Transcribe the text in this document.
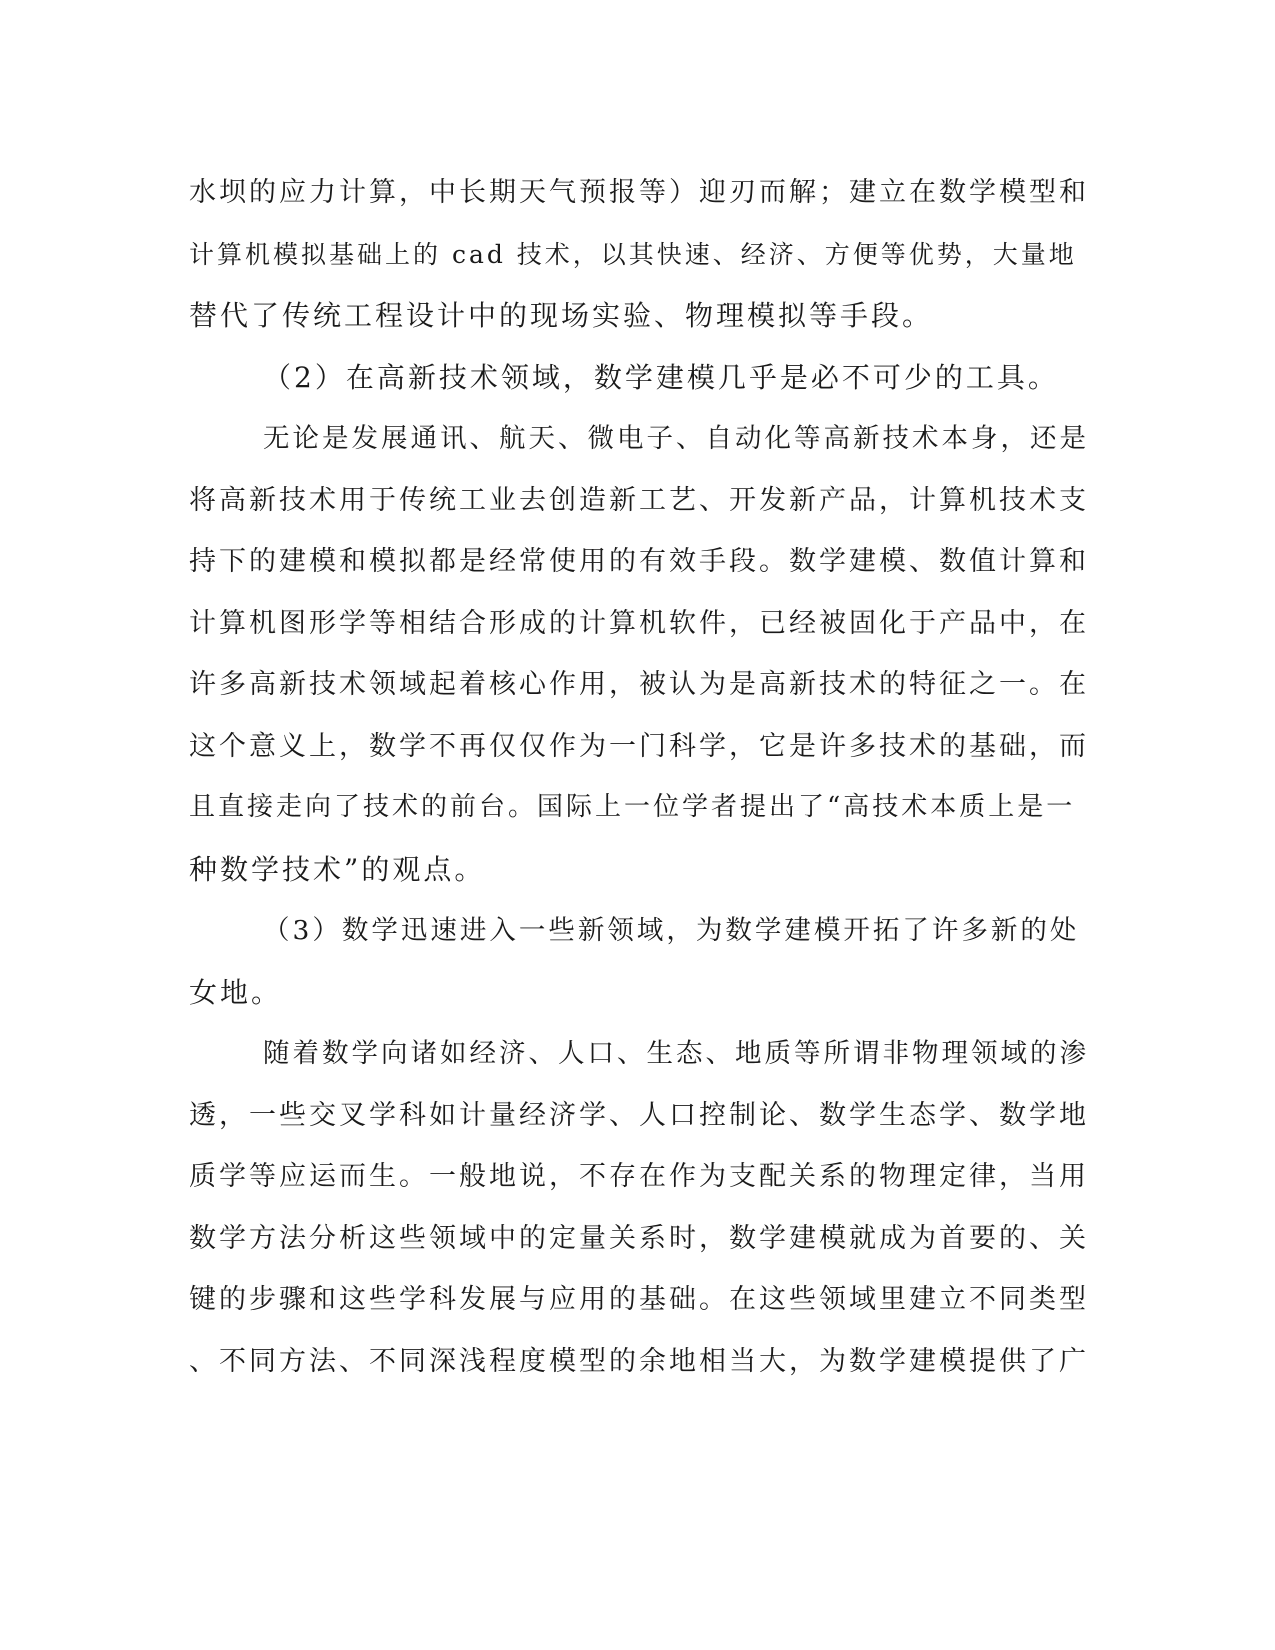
水坝的应力计算，中长期天气预报等）迎刃而解；建立在数学模型和
计算机模拟基础上的 cad 技术，以其快速、经济、方便等优势，大量地
替代了传统工程设计中的现场实验、物理模拟等手段。
（2）在高新技术领域，数学建模几乎是必不可少的工具。
无论是发展通讯、航天、微电子、自动化等高新技术本身，还是
将高新技术用于传统工业去创造新工艺、开发新产品，计算机技术支
持下的建模和模拟都是经常使用的有效手段。数学建模、数值计算和
计算机图形学等相结合形成的计算机软件，已经被固化于产品中，在
许多高新技术领域起着核心作用，被认为是高新技术的特征之一。在
这个意义上，数学不再仅仅作为一门科学，它是许多技术的基础，而
且直接走向了技术的前台。国际上一位学者提出了“高技术本质上是一
种数学技术”的观点。
（3）数学迅速进入一些新领域，为数学建模开拓了许多新的处
女地。
随着数学向诸如经济、人口、生态、地质等所谓非物理领域的渗
透，一些交叉学科如计量经济学、人口控制论、数学生态学、数学地
质学等应运而生。一般地说，不存在作为支配关系的物理定律，当用
数学方法分析这些领域中的定量关系时，数学建模就成为首要的、关
键的步骤和这些学科发展与应用的基础。在这些领域里建立不同类型
、不同方法、不同深浅程度模型的余地相当大，为数学建模提供了广
